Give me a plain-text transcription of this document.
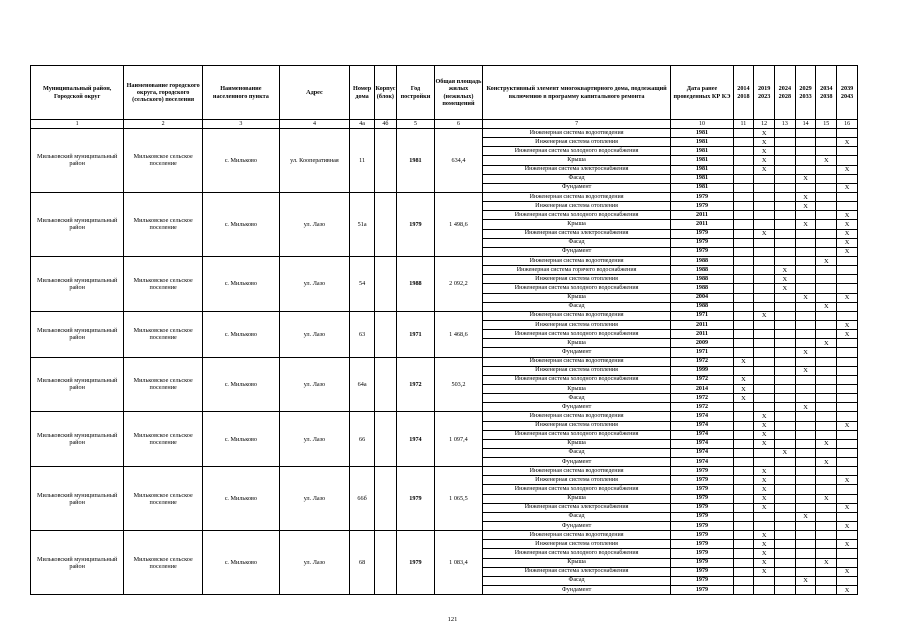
Муниципальный район, Городской округ	Наименование городского округа, городского (сельского) поселения	Наименование населенного пункта	Адрес	Номер дома	Корпус (блок)	Год постройки	Общая площадь жилых (нежилых) помещений	Конструктивный элемент многоквартирного дома, подлежащий включению в программу капитального ремонта	Дата ранее проведенных КР КЭ	2014 2018	2019 2023	2024 2028	2029 2033	2034 2038	2039 2043
1	2	3	4	4а	4б	5	6	7	10	11	12	13	14	15	16
Мильковский муниципальный район	Мильковское сельское поселение	с. Мильково	ул. Кооперативная	11		1981	634,4	Инженерная система водоотведения	1981		X				
								Инженерная система отопления	1981		X				X
								Инженерная система холодного водоснабжения	1981		X				
								Крыша	1981		X			X	
								Инженерная система электроснабжения	1981		X				X
								Фасад	1981				X		
								Фундамент	1981						X
Мильковский муниципальный район	Мильковское сельское поселение	с. Мильково	ул. Лазо	51а		1979	1 498,6	Инженерная система водоотведения	1979				X		
								Инженерная система отопления	1979				X		
								Инженерная система холодного водоснабжения	2011						X
								Крыша	2011				X		X
								Инженерная система электроснабжения	1979		X				X
								Фасад	1979						X
								Фундамент	1979						X
Мильковский муниципальный район	Мильковское сельское поселение	с. Мильково	ул. Лазо	54		1988	2 092,2	Инженерная система водоотведения	1988					X	
								Инженерная система горячего водоснабжения	1988			X			
								Инженерная система отопления	1988			X			
								Инженерная система холодного водоснабжения	1988			X			
								Крыша	2004				X		X
								Фасад	1988					X	
Мильковский муниципальный район	Мильковское сельское поселение	с. Мильково	ул. Лазо	63		1971	1 468,6	Инженерная система водоотведения	1971		X				
								Инженерная система отопления	2011						X
								Инженерная система холодного водоснабжения	2011						X
								Крыша	2009					X	
								Фундамент	1971				X		
Мильковский муниципальный район	Мильковское сельское поселение	с. Мильково	ул. Лазо	64а		1972	503,2	Инженерная система водоотведения	1972	X					
								Инженерная система отопления	1999				X		
								Инженерная система холодного водоснабжения	1972	X					
								Крыша	2014	X					
								Фасад	1972	X					
								Фундамент	1972				X		
Мильковский муниципальный район	Мильковское сельское поселение	с. Мильково	ул. Лазо	66		1974	1 097,4	Инженерная система водоотведения	1974		X				
								Инженерная система отопления	1974		X				X
								Инженерная система холодного водоснабжения	1974		X				
								Крыша	1974		X			X	
								Фасад	1974			X			
								Фундамент	1974					X	
Мильковский муниципальный район	Мильковское сельское поселение	с. Мильково	ул. Лазо	66б		1979	1 065,5	Инженерная система водоотведения	1979		X				
								Инженерная система отопления	1979		X				X
								Инженерная система холодного водоснабжения	1979		X				
								Крыша	1979		X			X	
								Инженерная система электроснабжения	1979		X				X
								Фасад	1979				X		
								Фундамент	1979						X
Мильковский муниципальный район	Мильковское сельское поселение	с. Мильково	ул. Лазо	68		1979	1 083,4	Инженерная система водоотведения	1979		X				
								Инженерная система отопления	1979		X				X
								Инженерная система холодного водоснабжения	1979		X				
								Крыша	1979		X			X	
								Инженерная система электроснабжения	1979		X				X
								Фасад	1979				X		
								Фундамент	1979						X
121
